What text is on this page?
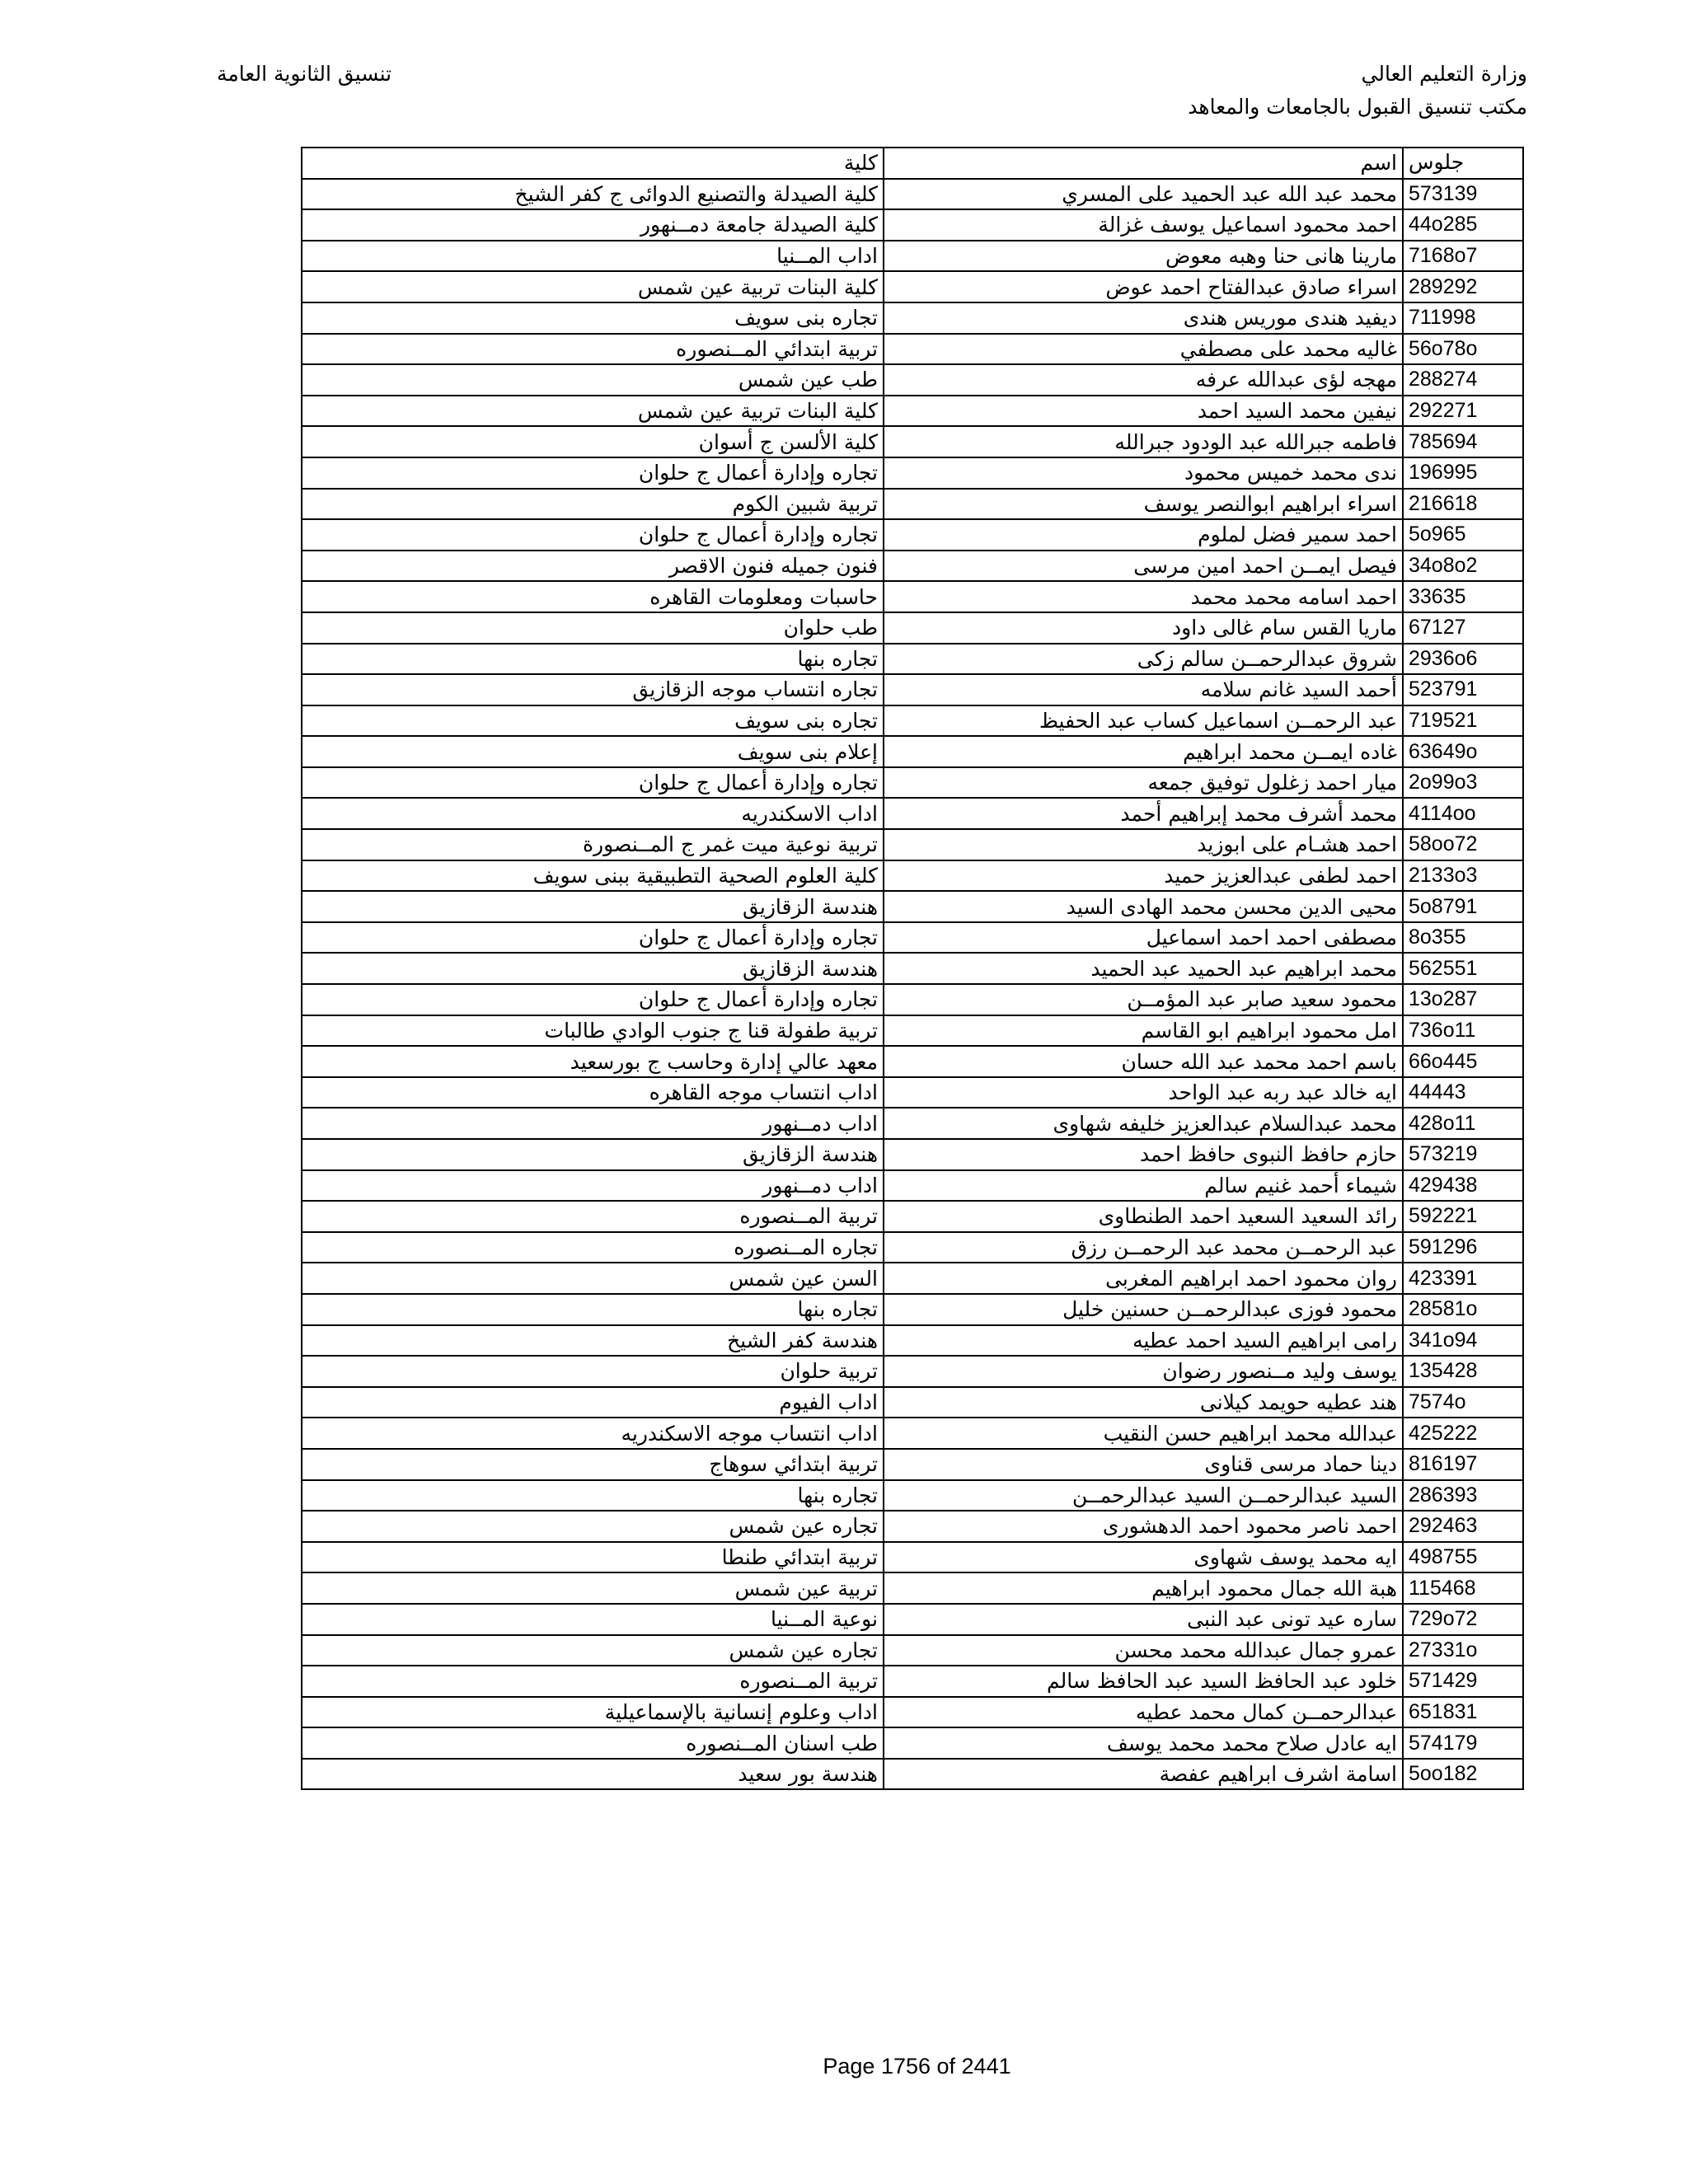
وزارة التعليم العالي
مكتب تنسيق القبول بالجامعات والمعاهد
تنسيق الثانوية العامة
كلية	اسم	جلوس
كلية الصيدلة والتصنيع الدوائى ج كفر الشيخ	محمد عبد الله عبد الحميد على المسري	573139
كلية الصيدلة جامعة دمــنهور	احمد محمود اسماعيل يوسف غزالة	44o285
اداب المــنيا	مارينا هانى حنا وهبه معوض	7168o7
كلية البنات تربية عين شمس	اسراء صادق عبدالفتاح احمد عوض	289292
تجاره بنى سويف	ديفيد هندى موريس هندى	711998
تربية ابتدائي المــنصوره	غاليه محمد على مصطفي	56o78o
طب عين شمس	مهجه لؤى عبدالله عرفه	288274
كلية البنات تربية عين شمس	نيفين محمد السيد احمد	292271
كلية الألسن ج أسوان	فاطمه جبرالله عبد الودود جبرالله	785694
تجاره وإدارة أعمال ج حلوان	ندى محمد خميس محمود	196995
تربية شبين الكوم	اسراء ابراهيم ابوالنصر يوسف	216618
تجاره وإدارة أعمال ج حلوان	احمد سمير فضل لملوم	5o965
فنون جميله فنون الاقصر	فيصل ايمــن احمد امين مرسى	34o8o2
حاسبات ومعلومات القاهره	احمد اسامه محمد محمد	33635
طب حلوان	ماريا القس سام غالى داود	67127
تجاره بنها	شروق عبدالرحمــن سالم زكى	2936o6
تجاره انتساب موجه الزقازيق	أحمد السيد غانم سلامه	523791
تجاره بنى سويف	عبد الرحمــن اسماعيل كساب عبد الحفيظ	719521
إعلام بنى سويف	غاده ايمــن محمد ابراهيم	63649o
تجاره وإدارة أعمال ج حلوان	ميار احمد زغلول توفيق جمعه	2o99o3
اداب الاسكندريه	محمد أشرف محمد إبراهيم أحمد	4114oo
تربية نوعية ميت غمر ج المــنصورة	احمد هشـام على ابوزيد	58oo72
كلية العلوم الصحية التطبيقية ببنى سويف	احمد لطفى عبدالعزيز حميد	2133o3
هندسة الزقازيق	محيى الدين محسن محمد الهادى السيد	5o8791
تجاره وإدارة أعمال ج حلوان	مصطفى احمد احمد اسماعيل	8o355
هندسة الزقازيق	محمد ابراهيم عبد الحميد عبد الحميد	562551
تجاره وإدارة أعمال ج حلوان	محمود سعيد صابر عبد المؤمــن	13o287
تربية طفولة قنا ج جنوب الوادي طالبات	امل محمود ابراهيم ابو القاسم	736o11
معهد عالي إدارة وحاسب ج بورسعيد	باسم احمد محمد عبد الله حسان	66o445
اداب انتساب موجه القاهره	ايه خالد عبد ربه عبد الواحد	44443
اداب دمــنهور	محمد عبدالسلام عبدالعزيز خليفه شهاوى	428o11
هندسة الزقازيق	حازم حافظ النبوى حافظ احمد	573219
اداب دمــنهور	شيماء أحمد غنيم سالم	429438
تربية المــنصوره	رائد السعيد السعيد احمد الطنطاوى	592221
تجاره المــنصوره	عبد الرحمــن محمد عبد الرحمــن رزق	591296
السن عين شمس	روان محمود احمد ابراهيم المغربى	423391
تجاره بنها	محمود فوزى عبدالرحمــن حسنين خليل	28581o
هندسة كفر الشيخ	رامى ابراهيم السيد احمد عطيه	341o94
تربية حلوان	يوسف وليد مــنصور رضوان	135428
اداب الفيوم	هند عطيه حويمد كيلانى	7574o
اداب انتساب موجه الاسكندريه	عبدالله محمد ابراهيم حسن النقيب	425222
تربية ابتدائي سوهاج	دينا حماد مرسى قناوى	816197
تجاره بنها	السيد عبدالرحمــن السيد عبدالرحمــن	286393
تجاره عين شمس	احمد ناصر محمود احمد الدهشورى	292463
تربية ابتدائي طنطا	ايه محمد يوسف شهاوى	498755
تربية عين شمس	هبة الله جمال محمود ابراهيم	115468
نوعية المــنيا	ساره عيد تونى عبد النبى	729o72
تجاره عين شمس	عمرو جمال عبدالله محمد محسن	27331o
تربية المــنصوره	خلود عبد الحافظ السيد عبد الحافظ سالم	571429
اداب وعلوم إنسانية بالإسماعيلية	عبدالرحمــن كمال محمد عطيه	651831
طب اسنان المــنصوره	ايه عادل صلاح محمد محمد يوسف	574179
هندسة بور سعيد	اسامة اشرف ابراهيم عفصة	5oo182
Page 1756 of 2441
